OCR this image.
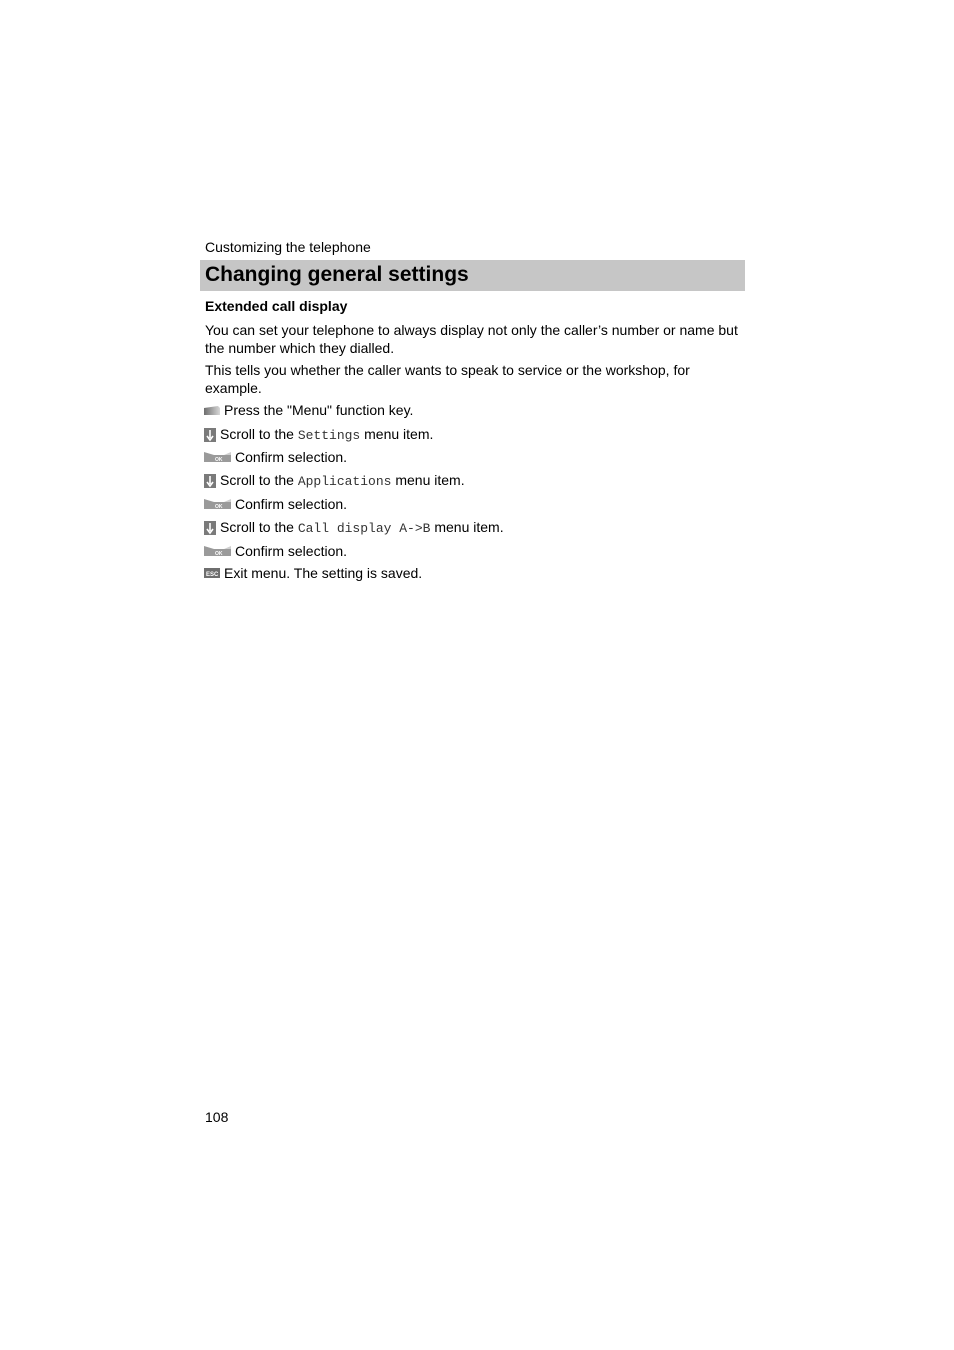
Customizing the telephone
Changing general settings
Extended call display
You can set your telephone to always display not only the caller’s number or name but the number which they dialled.
This tells you whether the caller wants to speak to service or the workshop, for example.
Press the "Menu" function key.
Scroll to the Settings menu item.
OK Confirm selection.
Scroll to the Applications menu item.
OK Confirm selection.
Scroll to the Call display A->B menu item.
OK Confirm selection.
ESC Exit menu. The setting is saved.
108
